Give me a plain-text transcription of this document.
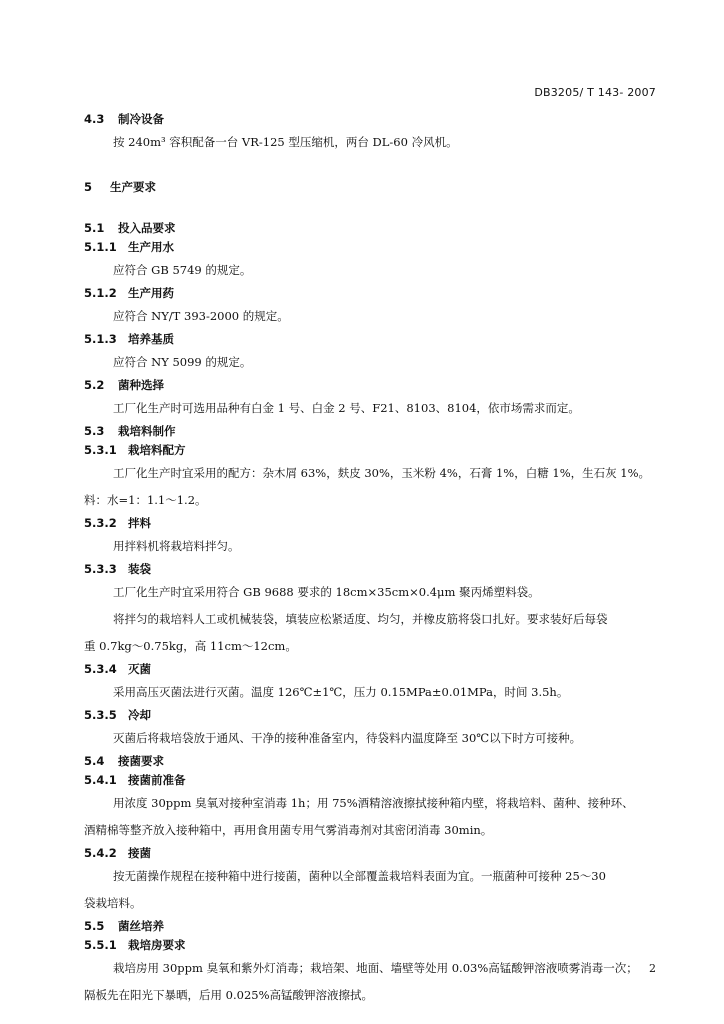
DB3205/ T 143- 2007
4.3 制冷设备
按 240m³ 容积配备一台 VR-125 型压缩机，两台 DL-60 冷风机。
5 生产要求
5.1 投入品要求
5.1.1 生产用水
应符合 GB 5749 的规定。
5.1.2 生产用药
应符合 NY/T 393-2000 的规定。
5.1.3 培养基质
应符合 NY 5099 的规定。
5.2 菌种选择
工厂化生产时可选用品种有白金 1 号、白金 2 号、F21、8103、8104，依市场需求而定。
5.3 栽培料制作
5.3.1 栽培料配方
工厂化生产时宜采用的配方：杂木屑 63%，麸皮 30%，玉米粉 4%，石膏 1%，白糖 1%，生石灰 1%。
料：水=1：1.1～1.2。
5.3.2 拌料
用拌料机将栽培料拌匀。
5.3.3 装袋
工厂化生产时宜采用符合 GB 9688 要求的 18cm×35cm×0.4μm 聚丙烯塑料袋。
将拌匀的栽培料人工或机械装袋，填装应松紧适度、均匀，并橡皮筋将袋口扎好。要求装好后每袋
重 0.7kg～0.75kg，高 11cm～12cm。
5.3.4 灭菌
采用高压灭菌法进行灭菌。温度 126℃±1℃，压力 0.15MPa±0.01MPa，时间 3.5h。
5.3.5 冷却
灭菌后将栽培袋放于通风、干净的接种准备室内，待袋料内温度降至 30℃以下时方可接种。
5.4 接菌要求
5.4.1 接菌前准备
用浓度 30ppm 臭氧对接种室消毒 1h；用 75%酒精溶液擦拭接种箱内壁，将栽培料、菌种、接种环、
酒精棉等整齐放入接种箱中，再用食用菌专用气雾消毒剂对其密闭消毒 30min。
5.4.2 接菌
按无菌操作规程在接种箱中进行接菌，菌种以全部覆盖栽培料表面为宜。一瓶菌种可接种 25～30
袋栽培料。
5.5 菌丝培养
5.5.1 栽培房要求
栽培房用 30ppm 臭氧和紫外灯消毒；栽培架、地面、墙壁等处用 0.03%高锰酸钾溶液喷雾消毒一次；
隔板先在阳光下暴晒，后用 0.025%高锰酸钾溶液擦拭。
2
